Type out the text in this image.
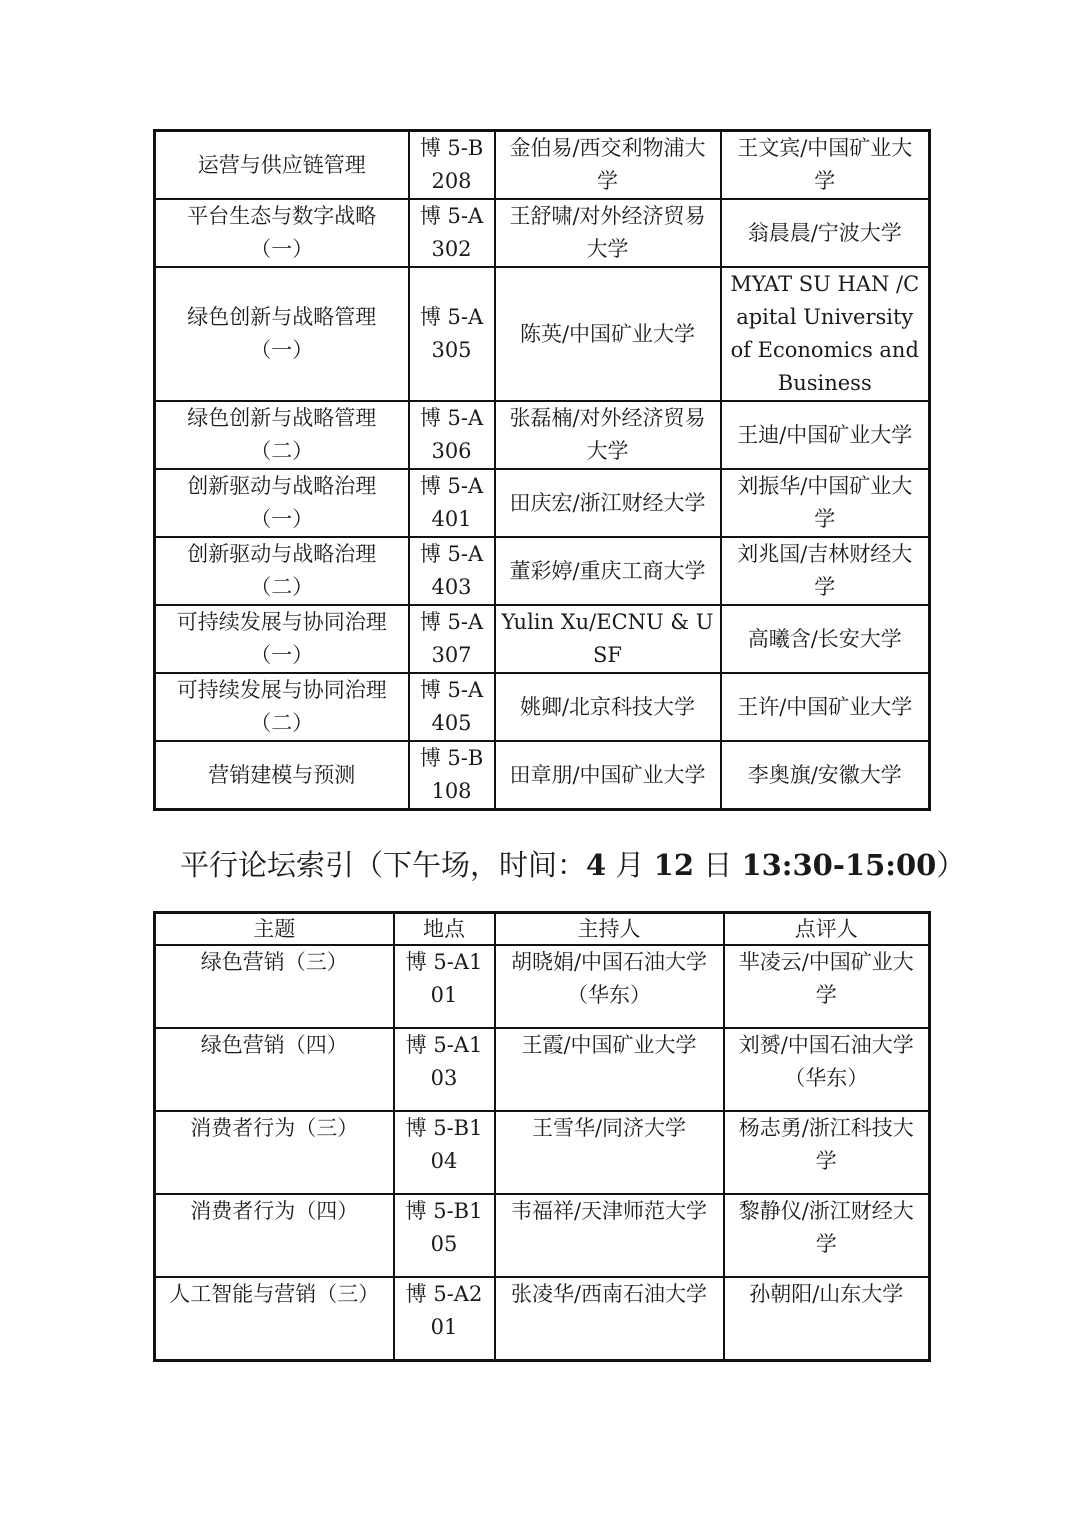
运营与供应链管理	博 5-B208	金伯易/西交利物浦大学	王文宾/中国矿业大学
平台生态与数字战略（一）	博 5-A302	王舒啸/对外经济贸易大学	翁晨晨/宁波大学
绿色创新与战略管理（一）	博 5-A305	陈英/中国矿业大学	MYAT SU HAN /Capital University of Economics and Business
绿色创新与战略管理（二）	博 5-A306	张磊楠/对外经济贸易大学	王迪/中国矿业大学
创新驱动与战略治理（一）	博 5-A401	田庆宏/浙江财经大学	刘振华/中国矿业大学
创新驱动与战略治理（二）	博 5-A403	董彩婷/重庆工商大学	刘兆国/吉林财经大学
可持续发展与协同治理（一）	博 5-A307	Yulin Xu/ECNU & USF	高曦含/长安大学
可持续发展与协同治理（二）	博 5-A405	姚卿/北京科技大学	王许/中国矿业大学
营销建模与预测	博 5-B108	田章朋/中国矿业大学	李奥旗/安徽大学
平行论坛索引（下午场，时间：4 月 12 日 13:30-15:00）
主题	地点	主持人	点评人
绿色营销（三）	博 5-A101	胡晓娟/中国石油大学（华东）	芈凌云/中国矿业大学
绿色营销（四）	博 5-A103	王霞/中国矿业大学	刘赟/中国石油大学（华东）
消费者行为（三）	博 5-B104	王雪华/同济大学	杨志勇/浙江科技大学
消费者行为（四）	博 5-B105	韦福祥/天津师范大学	黎静仪/浙江财经大学
人工智能与营销（三）	博 5-A201	张凌华/西南石油大学	孙朝阳/山东大学
